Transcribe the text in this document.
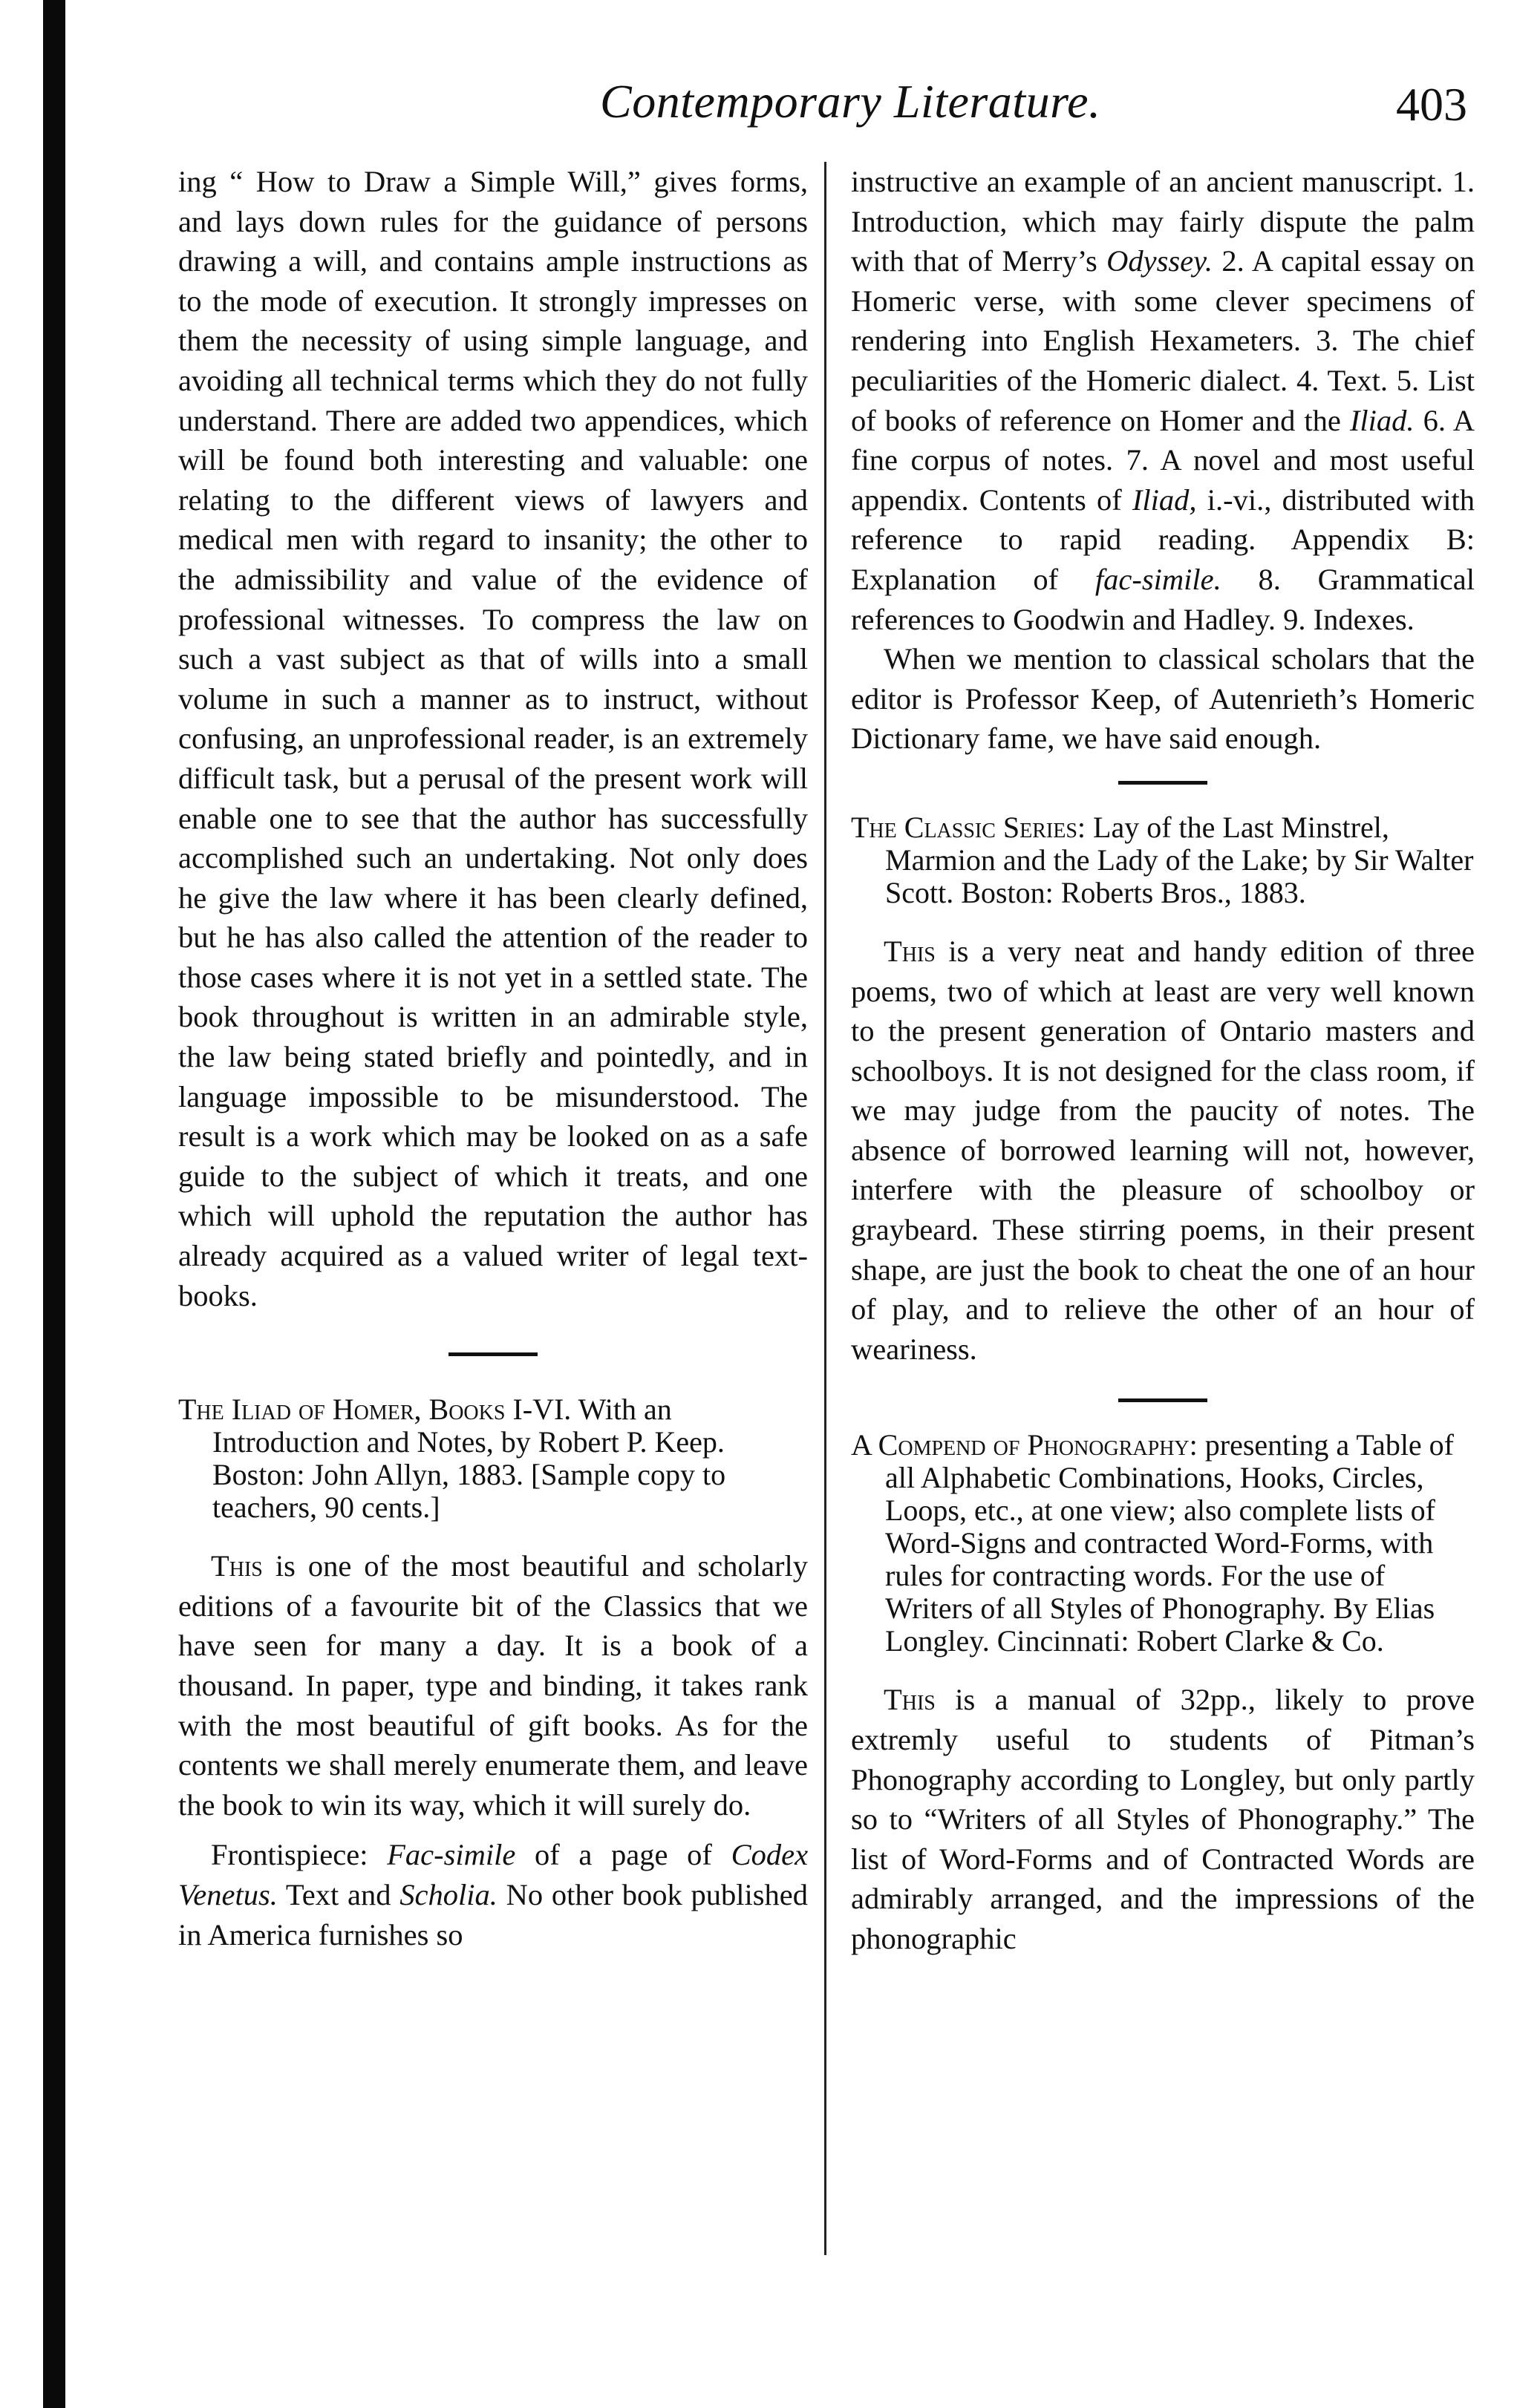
Contemporary Literature.	403

ing “ How to Draw a Simple Will,” gives forms, and lays down rules for the guidance of persons drawing a will, and contains ample instructions as to the mode of execution. It strongly impresses on them the necessity of using simple language, and avoiding all technical terms which they do not fully understand. There are added two appendices, which will be found both interesting and valuable: one relating to the different views of lawyers and medical men with regard to insanity; the other to the admissibility and value of the evidence of professional witnesses. To compress the law on such a vast subject as that of wills into a small volume in such a manner as to instruct, without confusing, an unprofessional reader, is an extremely difficult task, but a perusal of the present work will enable one to see that the author has successfully accomplished such an undertaking. Not only does he give the law where it has been clearly defined, but he has also called the attention of the reader to those cases where it is not yet in a settled state. The book throughout is written in an admirable style, the law being stated briefly and pointedly, and in language impossible to be misunderstood. The result is a work which may be looked on as a safe guide to the subject of which it treats, and one which will uphold the reputation the author has already acquired as a valued writer of legal text-books.

The Iliad of Homer, Books I-VI. With an Introduction and Notes, by Robert P. Keep. Boston: John Allyn, 1883. [Sample copy to teachers, 90 cents.]

This is one of the most beautiful and scholarly editions of a favourite bit of the Classics that we have seen for many a day. It is a book of a thousand. In paper, type and binding, it takes rank with the most beautiful of gift books. As for the contents we shall merely enumerate them, and leave the book to win its way, which it will surely do.

Frontispiece: Fac-simile of a page of Codex Venetus. Text and Scholia. No other book published in America furnishes so

instructive an example of an ancient manuscript. 1. Introduction, which may fairly dispute the palm with that of Merry’s Odyssey. 2. A capital essay on Homeric verse, with some clever specimens of rendering into English Hexameters. 3. The chief peculiarities of the Homeric dialect. 4. Text. 5. List of books of reference on Homer and the Iliad. 6. A fine corpus of notes. 7. A novel and most useful appendix. Contents of Iliad, i.-vi., distributed with reference to rapid reading. Appendix B: Explanation of fac-simile. 8. Grammatical references to Goodwin and Hadley. 9. Indexes.

When we mention to classical scholars that the editor is Professor Keep, of Autenrieth’s Homeric Dictionary fame, we have said enough.

The Classic Series: Lay of the Last Minstrel, Marmion and the Lady of the Lake; by Sir Walter Scott. Boston: Roberts Bros., 1883.

This is a very neat and handy edition of three poems, two of which at least are very well known to the present generation of Ontario masters and schoolboys. It is not designed for the class room, if we may judge from the paucity of notes. The absence of borrowed learning will not, however, interfere with the pleasure of schoolboy or graybeard. These stirring poems, in their present shape, are just the book to cheat the one of an hour of play, and to relieve the other of an hour of weariness.

A Compend of Phonography: presenting a Table of all Alphabetic Combinations, Hooks, Circles, Loops, etc., at one view; also complete lists of Word-Signs and contracted Word-Forms, with rules for contracting words. For the use of Writers of all Styles of Phonography. By Elias Longley. Cincinnati: Robert Clarke & Co.

This is a manual of 32pp., likely to prove extremly useful to students of Pitman’s Phonography according to Longley, but only partly so to “Writers of all Styles of Phonography.” The list of Word-Forms and of Contracted Words are admirably arranged, and the impressions of the phonographic
